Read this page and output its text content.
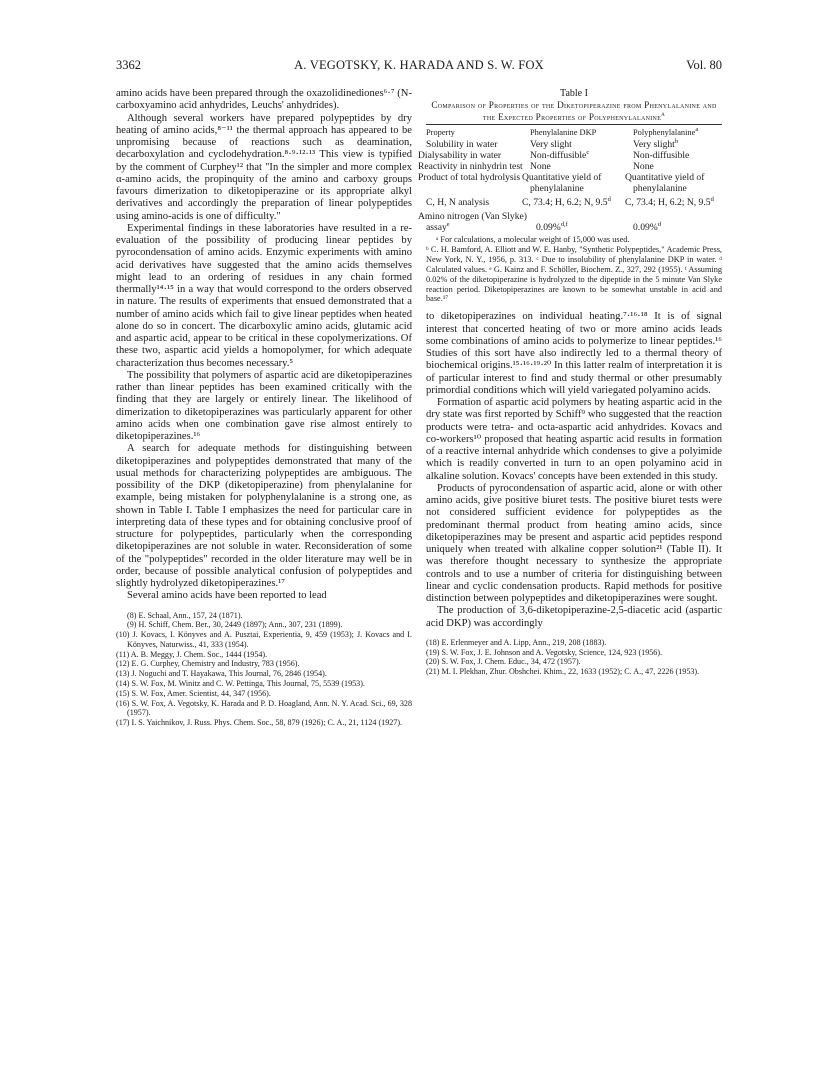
3362	A. VEGOTSKY, K. HARADA AND S. W. FOX	Vol. 80

amino acids have been prepared through the oxazolidinediones⁶·⁷ (N-carboxyamino acid anhydrides, Leuchs' anhydrides).

Although several workers have prepared polypeptides by dry heating of amino acids,⁸⁻¹¹ the thermal approach has appeared to be unpromising because of reactions such as deamination, decarboxylation and cyclodehydration.⁸·⁹·¹²·¹³ This view is typified by the comment of Curphey¹² that "In the simpler and more complex α-amino acids, the propinquity of the amino and carboxy groups favours dimerization to diketopiperazine or its appropriate alkyl derivatives and accordingly the preparation of linear polypeptides using amino-acids is one of difficulty."

Experimental findings in these laboratories have resulted in a re-evaluation of the possibility of producing linear peptides by pyrocondensation of amino acids. Enzymic experiments with amino acid derivatives have suggested that the amino acids themselves might lead to an ordering of residues in any chain formed thermally¹⁴·¹⁵ in a way that would correspond to the orders observed in nature. The results of experiments that ensued demonstrated that a number of amino acids which fail to give linear peptides when heated alone do so in concert. The dicarboxylic amino acids, glutamic acid and aspartic acid, appear to be critical in these copolymerizations. Of these two, aspartic acid yields a homopolymer, for which adequate characterization thus becomes necessary.⁵

The possibility that polymers of aspartic acid are diketopiperazines rather than linear peptides has been examined critically with the finding that they are largely or entirely linear. The likelihood of dimerization to diketopiperazines was particularly apparent for other amino acids when one combination gave rise almost entirely to diketopiperazines.¹⁶

A search for adequate methods for distinguishing between diketopiperazines and polypeptides demonstrated that many of the usual methods for characterizing polypeptides are ambiguous. The possibility of the DKP (diketopiperazine) from phenylalanine for example, being mistaken for polyphenylalanine is a strong one, as shown in Table I. Table I emphasizes the need for particular care in interpreting data of these types and for obtaining conclusive proof of structure for polypeptides, particularly when the corresponding diketopiperazines are not soluble in water. Reconsideration of some of the "polypeptides" recorded in the older literature may well be in order, because of possible analytical confusion of polypeptides and slightly hydrolyzed diketopiperazines.¹⁷

Several amino acids have been reported to lead

(8) E. Schaal, Ann., 157, 24 (1871).
(9) H. Schiff, Chem. Ber., 30, 2449 (1897); Ann., 307, 231 (1899).
(10) J. Kovacs, I. Könyves and A. Pusztai, Experientia, 9, 459 (1953); J. Kovacs and I. Könyves, Naturwiss., 41, 333 (1954).
(11) A. B. Meggy, J. Chem. Soc., 1444 (1954).
(12) E. G. Curphey, Chemistry and Industry, 783 (1956).
(13) J. Noguchi and T. Hayakawa, This Journal, 76, 2846 (1954).
(14) S. W. Fox, M. Winitz and C. W. Pettinga, This Journal, 75, 5539 (1953).
(15) S. W. Fox, Amer. Scientist, 44, 347 (1956).
(16) S. W. Fox, A. Vegotsky, K. Harada and P. D. Hoagland, Ann. N. Y. Acad. Sci., 69, 328 (1957).
(17) I. S. Yaichnikov, J. Russ. Phys. Chem. Soc., 58, 879 (1926); C. A., 21, 1124 (1927).
Table I
Comparison of Properties of the Diketopiperazine from Phenylalanine and the Expected Properties of Polyphenylalanine$^a$
Property	Phenylalanine DKP	Polyphenylalanine$^a$
Solubility in water	Very slight	Very slight$^b$
Dialysability in water	Non-diffusible$^c$	Non-diffusible
Reactivity in ninhydrin test	None	None
Product of total hydrolysis	Quantitative yield of phenylalanine	Quantitative yield of phenylalanine
C, H, N analysis	C, 73.4; H, 6.2; N, 9.5$^d$	C, 73.4; H, 6.2; N, 9.5$^d$
Amino nitrogen (Van Slyke) assay$^e$	0.09%$^{d,f}$	0.09%$^d$
ᵃ For calculations, a molecular weight of 15,000 was used.
ᵇ C. H. Bamford, A. Elliott and W. E. Hanby, "Synthetic Polypeptides," Academic Press, New York, N. Y., 1956, p. 313. ᶜ Due to insolubility of phenylalanine DKP in water. ᵈ Calculated values. ᵉ G. Kainz and F. Schöller, Biochem. Z., 327, 292 (1955). ᶠ Assuming 0.02% of the diketopiperazine is hydrolyzed to the dipeptide in the 5 minute Van Slyke reaction period. Diketopiperazines are known to be somewhat unstable in acid and base.¹⁷

to diketopiperazines on individual heating.⁷·¹⁶·¹⁸ It is of signal interest that concerted heating of two or more amino acids leads some combinations of amino acids to polymerize to linear peptides.¹⁶ Studies of this sort have also indirectly led to a thermal theory of biochemical origins.¹⁵·¹⁶·¹⁹·²⁰ In this latter realm of interpretation it is of particular interest to find and study thermal or other presumably primordial conditions which will yield variegated polyamino acids.

Formation of aspartic acid polymers by heating aspartic acid in the dry state was first reported by Schiff⁹ who suggested that the reaction products were tetra- and octa-aspartic acid anhydrides. Kovacs and co-workers¹⁰ proposed that heating aspartic acid results in formation of a reactive internal anhydride which condenses to give a polyimide which is readily converted in turn to an open polyamino acid in alkaline solution. Kovacs' concepts have been extended in this study.

Products of pyrocondensation of aspartic acid, alone or with other amino acids, give positive biuret tests. The positive biuret tests were not considered sufficient evidence for polypeptides as the predominant thermal product from heating amino acids, since diketopiperazines may be present and aspartic acid peptides respond uniquely when treated with alkaline copper solution²¹ (Table II). It was therefore thought necessary to synthesize the appropriate controls and to use a number of criteria for distinguishing between linear and cyclic condensation products. Rapid methods for positive distinction between polypeptides and diketopiperazines were sought.

The production of 3,6-diketopiperazine-2,5-diacetic acid (aspartic acid DKP) was accordingly

(18) E. Erlenmeyer and A. Lipp, Ann., 219, 208 (1883).
(19) S. W. Fox, J. E. Johnson and A. Vegotsky, Science, 124, 923 (1956).
(20) S. W. Fox, J. Chem. Educ., 34, 472 (1957).
(21) M. I. Plekhan, Zhur. Obshchei. Khim., 22, 1633 (1952); C. A., 47, 2226 (1953).
